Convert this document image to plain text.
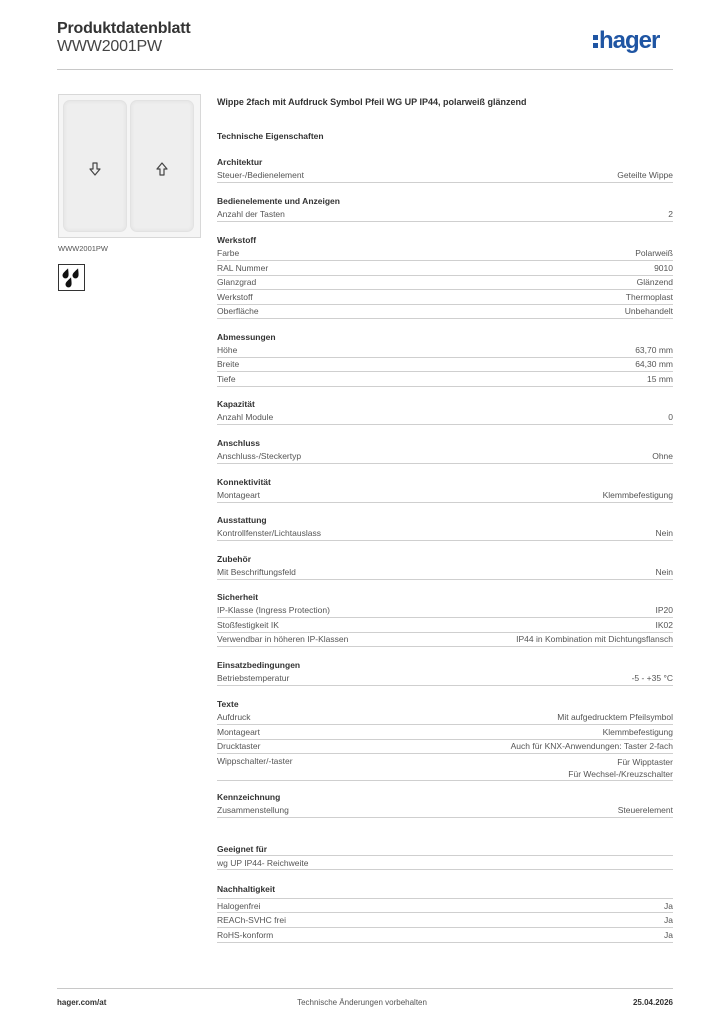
Produktdatenblatt
WWW2001PW	hager
WWW2001PW
Wippe 2fach mit Aufdruck Symbol Pfeil WG UP IP44, polarweiß glänzend
Technische Eigenschaften
Architektur
Steuer-/Bedienelement	Geteilte Wippe
Bedienelemente und Anzeigen
Anzahl der Tasten	2
Werkstoff
Farbe	Polarweiß
RAL Nummer	9010
Glanzgrad	Glänzend
Werkstoff	Thermoplast
Oberfläche	Unbehandelt
Abmessungen
Höhe	63,70 mm
Breite	64,30 mm
Tiefe	15 mm
Kapazität
Anzahl Module	0
Anschluss
Anschluss-/Steckertyp	Ohne
Konnektivität
Montageart	Klemmbefestigung
Ausstattung
Kontrollfenster/Lichtauslass	Nein
Zubehör
Mit Beschriftungsfeld	Nein
Sicherheit
IP-Klasse (Ingress Protection)	IP20
Stoßfestigkeit IK	IK02
Verwendbar in höheren IP-Klassen	IP44 in Kombination mit Dichtungsflansch
Einsatzbedingungen
Betriebstemperatur	-5 - +35 °C
Texte
Aufdruck	Mit aufgedrucktem Pfeilsymbol
Montageart	Klemmbefestigung
Drucktaster	Auch für KNX-Anwendungen: Taster 2-fach
Wippschalter/-taster	Für Wipptaster
Für Wechsel-/Kreuzschalter
Kennzeichnung
Zusammenstellung	Steuerelement
Geeignet für
wg UP IP44- Reichweite
Nachhaltigkeit
Halogenfrei	Ja
REACh-SVHC frei	Ja
RoHS-konform	Ja
hager.com/at	Technische Änderungen vorbehalten	25.04.2026
